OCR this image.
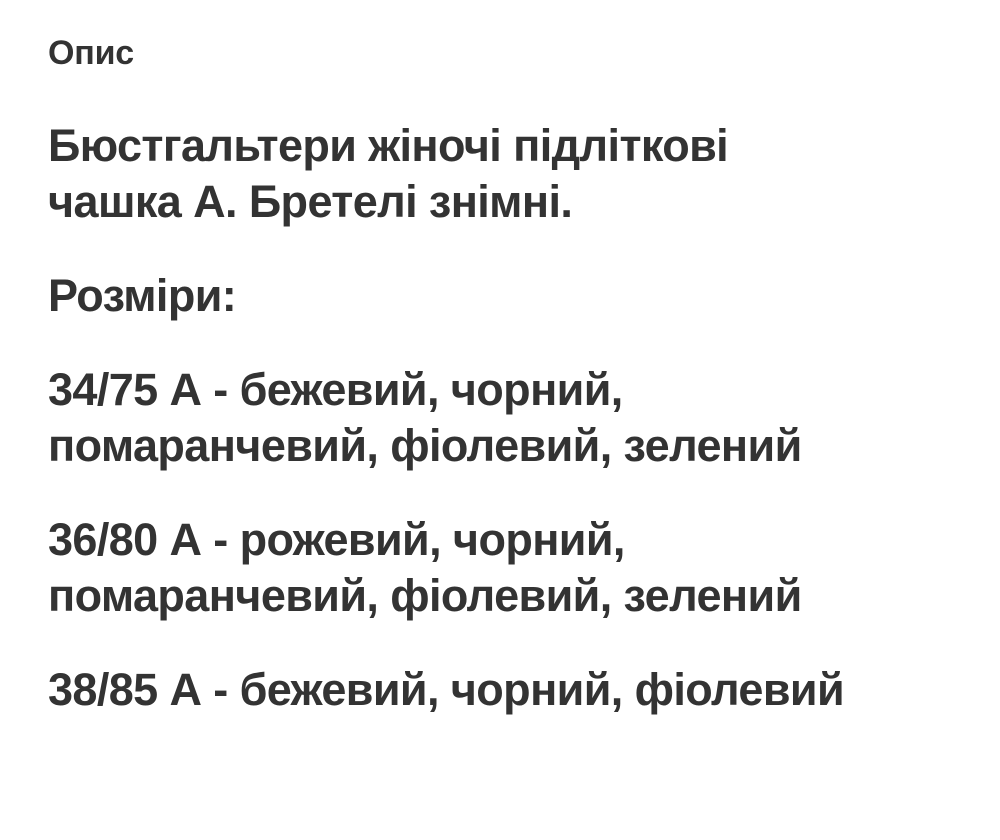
Опис
Бюстгальтери жіночі підліткові
чашка А. Бретелі знімні.
Розміри:
34/75 А - бежевий, чорний,
помаранчевий, фіолевий, зелений
36/80 А - рожевий, чорний,
помаранчевий, фіолевий, зелений
38/85 А - бежевий, чорний, фіолевий
